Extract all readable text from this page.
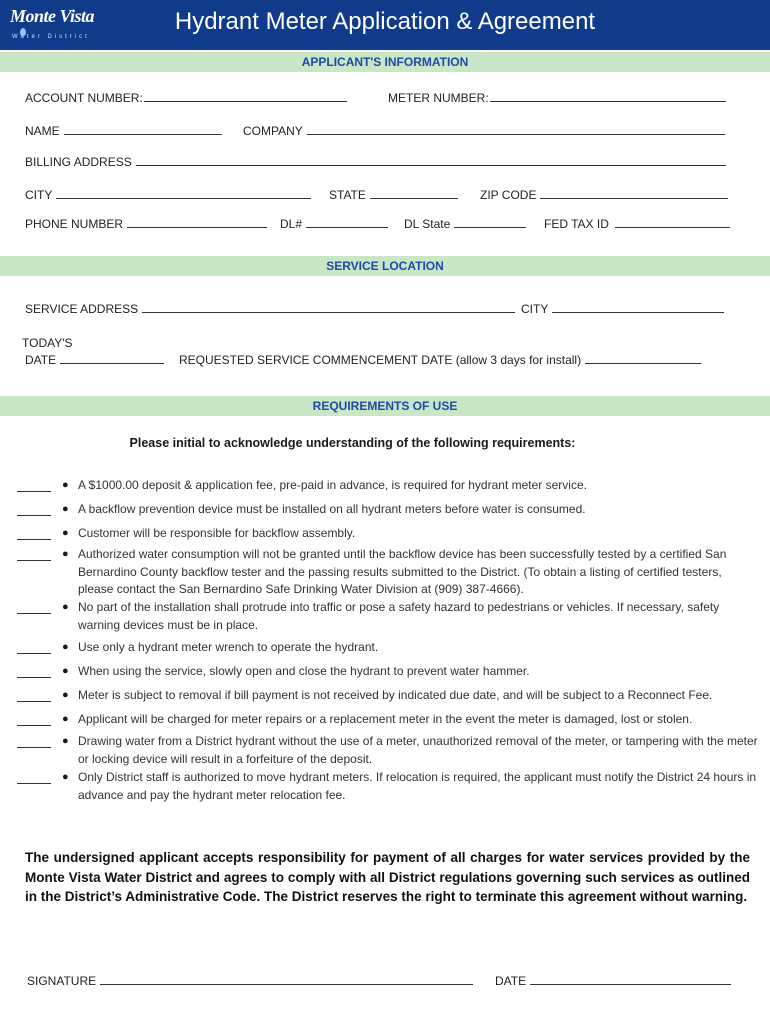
Monte Vista
Water District
Hydrant Meter Application & Agreement
APPLICANT'S INFORMATION
ACCOUNT NUMBER:	METER NUMBER:
NAME	COMPANY
BILLING ADDRESS
CITY	STATE	ZIP CODE
PHONE NUMBER	DL#	DL State	FED TAX ID
SERVICE LOCATION
SERVICE ADDRESS	CITY
TODAY'S
DATE	REQUESTED SERVICE COMMENCEMENT DATE (allow 3 days for install)
REQUIREMENTS OF USE
Please initial to acknowledge understanding of the following requirements:
● A $1000.00 deposit & application fee, pre-paid in advance, is required for hydrant meter service.
● A backflow prevention device must be installed on all hydrant meters before water is consumed.
● Customer will be responsible for backflow assembly.
● Authorized water consumption will not be granted until the backflow device has been successfully tested by a certified San Bernardino County backflow tester and the passing results submitted to the District. (To obtain a listing of certified testers, please contact the San Bernardino Safe Drinking Water Division at (909) 387-4666).
● No part of the installation shall protrude into traffic or pose a safety hazard to pedestrians or vehicles. If necessary, safety warning devices must be in place.
● Use only a hydrant meter wrench to operate the hydrant.
● When using the service, slowly open and close the hydrant to prevent water hammer.
● Meter is subject to removal if bill payment is not received by indicated due date, and will be subject to a Reconnect Fee.
● Applicant will be charged for meter repairs or a replacement meter in the event the meter is damaged, lost or stolen.
● Drawing water from a District hydrant without the use of a meter, unauthorized removal of the meter, or tampering with the meter or locking device will result in a forfeiture of the deposit.
● Only District staff is authorized to move hydrant meters. If relocation is required, the applicant must notify the District 24 hours in advance and pay the hydrant meter relocation fee.
The undersigned applicant accepts responsibility for payment of all charges for water services provided by the Monte Vista Water District and agrees to comply with all District regulations governing such services as outlined in the District’s Administrative Code. The District reserves the right to terminate this agreement without warning.
SIGNATURE	DATE
